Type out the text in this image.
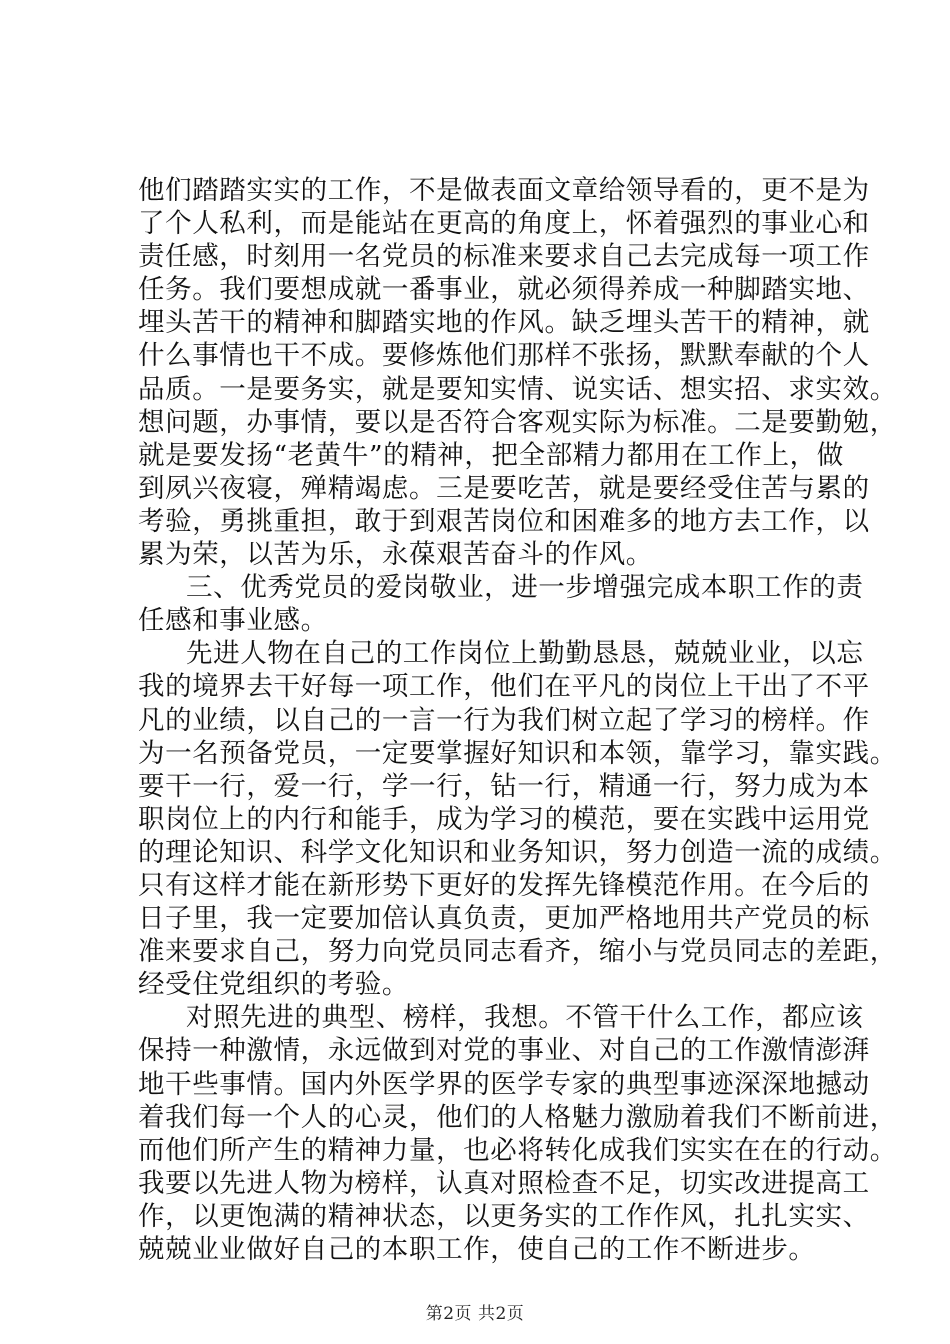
他们踏踏实实的工作，不是做表面文章给领导看的，更不是为
了个人私利，而是能站在更高的角度上，怀着强烈的事业心和
责任感，时刻用一名党员的标准来要求自己去完成每一项工作
任务。我们要想成就一番事业，就必须得养成一种脚踏实地、
埋头苦干的精神和脚踏实地的作风。缺乏埋头苦干的精神，就
什么事情也干不成。要修炼他们那样不张扬，默默奉献的个人
品质。一是要务实，就是要知实情、说实话、想实招、求实效。
想问题，办事情，要以是否符合客观实际为标准。二是要勤勉，
就是要发扬“老黄牛”的精神，把全部精力都用在工作上，做
到夙兴夜寝，殚精竭虑。三是要吃苦，就是要经受住苦与累的
考验，勇挑重担，敢于到艰苦岗位和困难多的地方去工作，以
累为荣，以苦为乐，永葆艰苦奋斗的作风。
三、优秀党员的爱岗敬业，进一步增强完成本职工作的责
任感和事业感。
先进人物在自己的工作岗位上勤勤恳恳，兢兢业业，以忘
我的境界去干好每一项工作，他们在平凡的岗位上干出了不平
凡的业绩，以自己的一言一行为我们树立起了学习的榜样。作
为一名预备党员，一定要掌握好知识和本领，靠学习，靠实践。
要干一行，爱一行，学一行，钻一行，精通一行，努力成为本
职岗位上的内行和能手，成为学习的模范，要在实践中运用党
的理论知识、科学文化知识和业务知识，努力创造一流的成绩。
只有这样才能在新形势下更好的发挥先锋模范作用。在今后的
日子里，我一定要加倍认真负责，更加严格地用共产党员的标
准来要求自己，努力向党员同志看齐，缩小与党员同志的差距，
经受住党组织的考验。
对照先进的典型、榜样，我想。不管干什么工作，都应该
保持一种激情，永远做到对党的事业、对自己的工作激情澎湃
地干些事情。国内外医学界的医学专家的典型事迹深深地撼动
着我们每一个人的心灵，他们的人格魅力激励着我们不断前进，
而他们所产生的精神力量，也必将转化成我们实实在在的行动。
我要以先进人物为榜样，认真对照检查不足，切实改进提高工
作，以更饱满的精神状态，以更务实的工作作风，扎扎实实、
兢兢业业做好自己的本职工作，使自己的工作不断进步。
第2页 共2页
